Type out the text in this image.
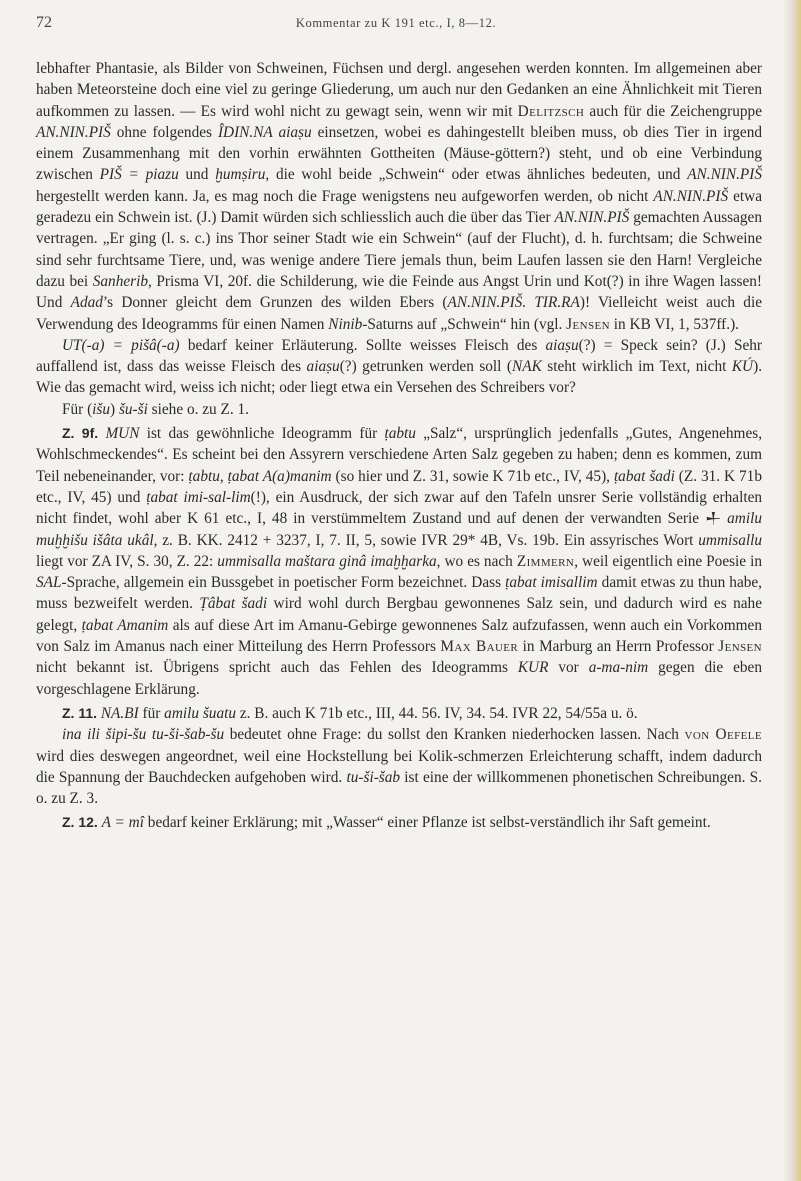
72	Kommentar zu K 191 etc., I, 8—12.

lebhafter Phantasie, als Bilder von Schweinen, Füchsen und dergl. angesehen werden konnten. Im allgemeinen aber haben Meteorsteine doch eine viel zu geringe Gliederung, um auch nur den Gedanken an eine Ähnlichkeit mit Tieren aufkommen zu lassen. — Es wird wohl nicht zu gewagt sein, wenn wir mit Delitzsch auch für die Zeichengruppe AN.NIN.PIŠ ohne folgendes ÎDIN.NA aiaṣu einsetzen, wobei es dahingestellt bleiben muss, ob dies Tier in irgend einem Zusammenhang mit den vorhin erwähnten Gottheiten (Mäuse-göttern?) steht, und ob eine Verbindung zwischen PIŠ = piazu und ḫumṣiru, die wohl beide „Schwein“ oder etwas ähnliches bedeuten, und AN.NIN.PIŠ hergestellt werden kann. Ja, es mag noch die Frage wenigstens neu aufgeworfen werden, ob nicht AN.NIN.PIŠ etwa geradezu ein Schwein ist. (J.) Damit würden sich schliesslich auch die über das Tier AN.NIN.PIŠ gemachten Aussagen vertragen. „Er ging (l. s. c.) ins Thor seiner Stadt wie ein Schwein“ (auf der Flucht), d. h. furchtsam; die Schweine sind sehr furchtsame Tiere, und, was wenige andere Tiere jemals thun, beim Laufen lassen sie den Harn! Vergleiche dazu bei Sanherib, Prisma VI, 20f. die Schilderung, wie die Feinde aus Angst Urin und Kot(?) in ihre Wagen lassen! Und Adad’s Donner gleicht dem Grunzen des wilden Ebers (AN.NIN.PIŠ. TIR.RA)! Vielleicht weist auch die Verwendung des Ideogramms für einen Namen Ninib-Saturns auf „Schwein“ hin (vgl. Jensen in KB VI, 1, 537ff.).

UT(-a) = pišâ(-a) bedarf keiner Erläuterung. Sollte weisses Fleisch des aiaṣu(?) = Speck sein? (J.) Sehr auffallend ist, dass das weisse Fleisch des aiaṣu(?) getrunken werden soll (NAK steht wirklich im Text, nicht KÚ). Wie das gemacht wird, weiss ich nicht; oder liegt etwa ein Versehen des Schreibers vor?

Für (išu) šu-ši siehe o. zu Z. 1.

Z. 9f. MUN ist das gewöhnliche Ideogramm für ṭabtu „Salz“, ursprünglich jedenfalls „Gutes, Angenehmes, Wohlschmeckendes“. Es scheint bei den Assyrern verschiedene Arten Salz gegeben zu haben; denn es kommen, zum Teil nebeneinander, vor: ṭabtu, ṭabat A(a)manim (so hier und Z. 31, sowie K 71b etc., IV, 45), ṭabat šadi (Z. 31. K 71b etc., IV, 45) und ṭabat imi-sal-lim(!), ein Ausdruck, der sich zwar auf den Tafeln unsrer Serie vollständig erhalten nicht findet, wohl aber K 61 etc., I, 48 in verstümmeltem Zustand und auf denen der verwandten Serie 𒈦 amilu muḫḫišu išâta ukâl, z. B. KK. 2412 + 3237, I, 7. II, 5, sowie IVR 29* 4B, Vs. 19b. Ein assyrisches Wort ummisallu liegt vor ZA IV, S. 30, Z. 22: ummisalla maštara ginâ imaḫḫarka, wo es nach Zimmern, weil eigentlich eine Poesie in SAL-Sprache, allgemein ein Bussgebet in poetischer Form bezeichnet. Dass ṭabat imisallim damit etwas zu thun habe, muss bezweifelt werden. Ṭâbat šadi wird wohl durch Bergbau gewonnenes Salz sein, und dadurch wird es nahe gelegt, ṭabat Amanim als auf diese Art im Amanu-Gebirge gewonnenes Salz aufzufassen, wenn auch ein Vorkommen von Salz im Amanus nach einer Mitteilung des Herrn Professors Max Bauer in Marburg an Herrn Professor Jensen nicht bekannt ist. Übrigens spricht auch das Fehlen des Ideogramms KUR vor a-ma-nim gegen die eben vorgeschlagene Erklärung.

Z. 11. NA.BI für amilu šuatu z. B. auch K 71b etc., III, 44. 56. IV, 34. 54. IVR 22, 54/55a u. ö.

ina ili šipi-šu tu-ši-šab-šu bedeutet ohne Frage: du sollst den Kranken niederhocken lassen. Nach von Oefele wird dies deswegen angeordnet, weil eine Hockstellung bei Kolik-schmerzen Erleichterung schafft, indem dadurch die Spannung der Bauchdecken aufgehoben wird. tu-ši-šab ist eine der willkommenen phonetischen Schreibungen. S. o. zu Z. 3.

Z. 12. A = mî bedarf keiner Erklärung; mit „Wasser“ einer Pflanze ist selbst-verständlich ihr Saft gemeint.
